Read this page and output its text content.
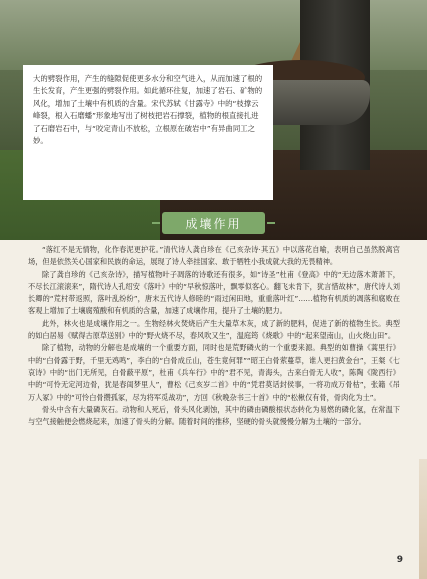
大的劈裂作用，产生的缝隙促使更多水分和空气进入，从而加速了根的生长发育，产生更强的劈裂作用。如此循环往复，加速了岩石、矿物的风化，增加了土壤中有机质的含量。宋代苏轼《甘露寺》中的“枝撑云峰裂，根入石磨蟠”形象地写出了树枝把岩石撑裂，植物的根直接扎进了石磨岩石中，与“咬定青山不放松，立根原在破岩中”有异曲同工之妙。

成壤作用

“落红不是无情物，化作春泥更护花。”清代诗人龚自珍在《己亥杂诗·其五》中以落花自喻，表明自己虽然脱离官场，但是依然关心国家和民族的命运，展现了诗人牵挂国家、敢于牺牲小我成就大我的无畏精神。

除了龚自珍的《己亥杂诗》，描写植物叶子凋落的诗歌还有很多，如“诗圣”杜甫《登高》中的“无边落木萧萧下，不尽长江滚滚来”，隋代诗人孔绍安《落叶》中的“早秋惊落叶，飘零似客心。翻飞未肯下，犹言惜故林”，唐代诗人刘长卿的“荒村带返照，落叶乱纷纷”，唐末五代诗人修睦的“雨过闲田地，重重落叶红”……植物有机质的凋落和腐败在客观上增加了土壤腐殖酸和有机质的含量，加速了成壤作用，提升了土壤的肥力。

此外，林火也是成壤作用之一。生物经林火焚烧后产生大量草木灰，成了新的肥料，促进了新的植物生长。典型的如白居易《赋得古原草送别》中的“野火烧不尽，春风吹又生”，温庭筠《烧歌》中的“起来望南山，山火烧山田”。

除了植物，动物的分解也是成壤的一个重要方面，同时也是荒野磷火的一个重要来源。典型的如曹操《蒿里行》中的“白骨露于野，千里无鸡鸣”，李白的“白骨成丘山，苍生竟何罪”“昭王白骨萦蔓草，谁人更扫黄金台”，王粲《七哀诗》中的“出门无所见，白骨蔽平原”，杜甫《兵车行》中的“君不见，青海头，古来白骨无人收”，陈陶《陇西行》中的“可怜无定河边骨，犹是春闺梦里人”，曹松《己亥岁二首》中的“凭君莫话封侯事，一将功成万骨枯”，张籍《吊万人冢》中的“可怜白骨攒孤冢，尽为将军觅战功”，方回《秋晚杂书三十首》中的“松楸仅有骨，骨肉化为土”。

骨头中含有大量磷灰石。动物和人死后，骨头风化剥蚀，其中的磷由磷酸根状态转化为易燃的磷化氢，在常温下与空气接触便会燃烧起来，加速了骨头的分解。随着时间的推移，坚硬的骨头就慢慢分解为土壤的一部分。

9
